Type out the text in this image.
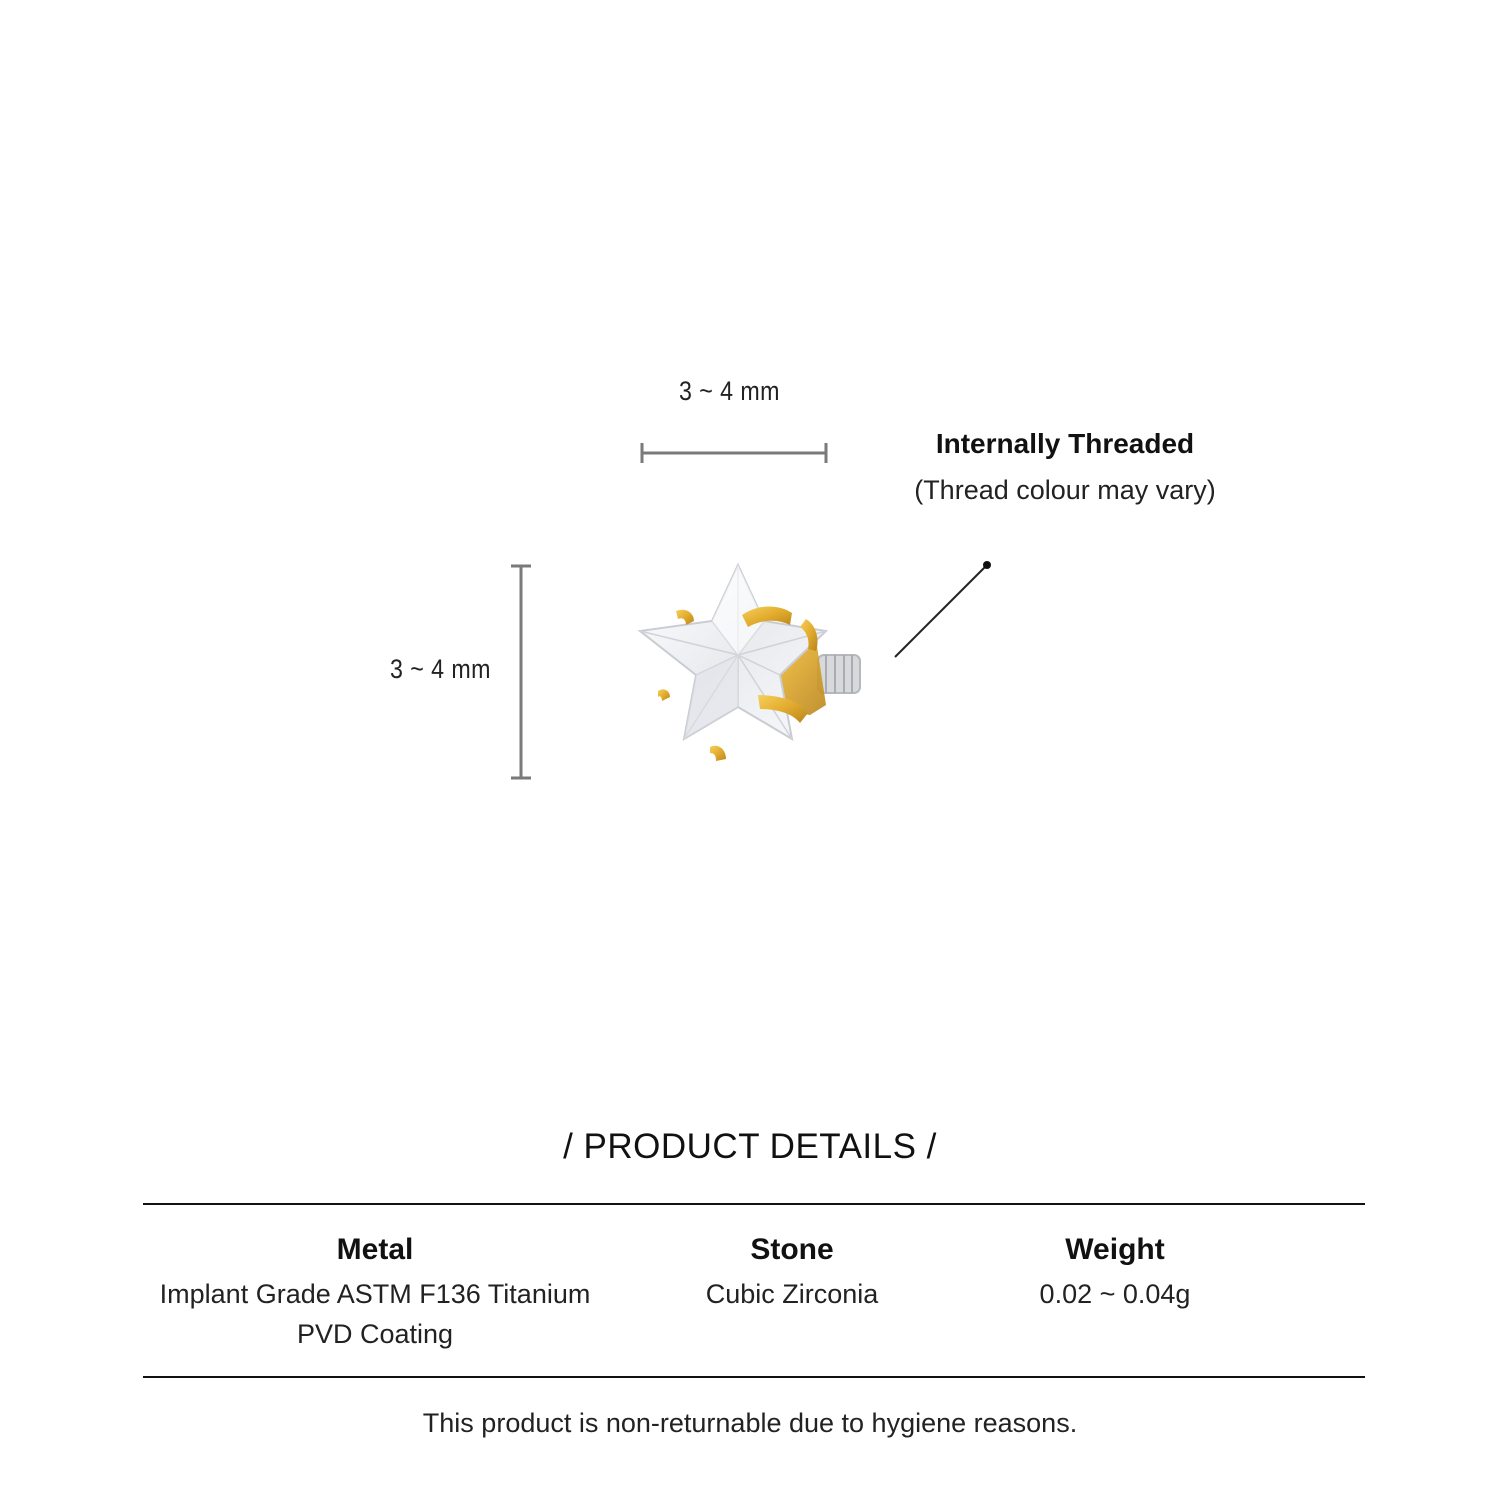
3 ~ 4 mm
3 ~ 4 mm
Internally Threaded
(Thread colour may vary)
/ PRODUCT DETAILS /
Metal
Implant Grade ASTM F136 Titanium
PVD Coating
Stone
Cubic Zirconia
Weight
0.02 ~ 0.04g
This product is non-returnable due to hygiene reasons.
